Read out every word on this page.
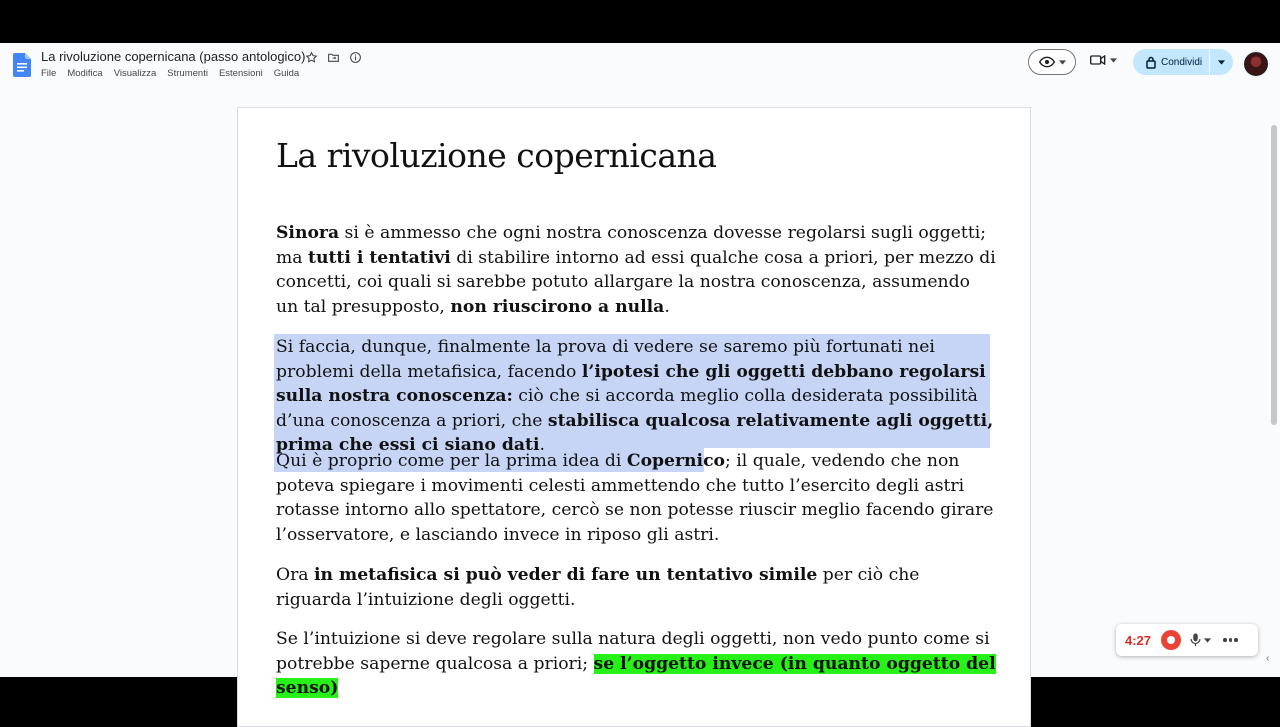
La rivoluzione copernicana (passo antologico)
File Modifica Visualizza Strumenti Estensioni Guida
Condividi
La rivoluzione copernicana

Sinora si è ammesso che ogni nostra conoscenza dovesse regolarsi sugli oggetti; ma tutti i tentativi di stabilire intorno ad essi qualche cosa a priori, per mezzo di concetti, coi quali si sarebbe potuto allargare la nostra conoscenza, assumendo un tal presupposto, non riuscirono a nulla.

Si faccia, dunque, finalmente la prova di vedere se saremo più fortunati nei problemi della metafisica, facendo l’ipotesi che gli oggetti debbano regolarsi sulla nostra conoscenza: ciò che si accorda meglio colla desiderata possibilità d’una conoscenza a priori, che stabilisca qualcosa relativamente agli oggetti, prima che essi ci siano dati.

Qui è proprio come per la prima idea di Copernico; il quale, vedendo che non poteva spiegare i movimenti celesti ammettendo che tutto l’esercito degli astri rotasse intorno allo spettatore, cercò se non potesse riuscir meglio facendo girare l’osservatore, e lasciando invece in riposo gli astri.

Ora in metafisica si può veder di fare un tentativo simile per ciò che riguarda l’intuizione degli oggetti.

Se l’intuizione si deve regolare sulla natura degli oggetti, non vedo punto come si potrebbe saperne qualcosa a priori; se l’oggetto invece (in quanto oggetto del senso)

4:27
‹
